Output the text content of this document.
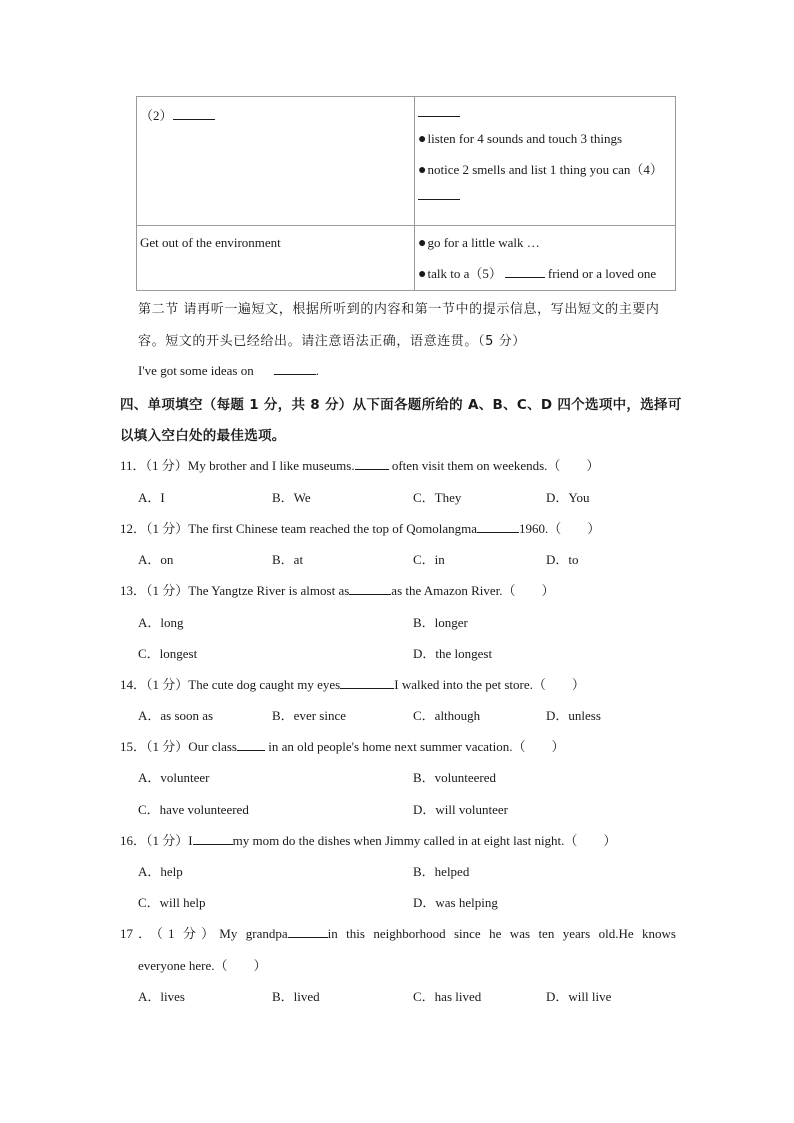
（2）	●listen for 4 sounds and touch 3 things
●notice 2 smells and list 1 thing you can（4）

Get out of the environment	●go for a little walk …
●talk to a（5） friend or a loved one
第二节 请再听一遍短文，根据所听到的内容和第一节中的提示信息，写出短文的主要内
容。短文的开头已经给出。请注意语法正确，语意连贯。（5 分）
I've got some ideas on	.
四、单项填空（每题 1 分，共 8 分）从下面各题所给的 A、B、C、D 四个选项中，选择可
以填入空白处的最佳选项。
11．（1 分）My brother and I like museums.	often visit them on weekends.（　　）
A．I	B．We	C．They	D．You
12．（1 分）The first Chinese team reached the top of Qomolangma	1960.（　　）
A．on	B．at	C．in	D．to
13．（1 分）The Yangtze River is almost as	as the Amazon River.（　　）
A．long	B．longer
C．longest	D．the longest
14．（1 分）The cute dog caught my eyes	I walked into the pet store.（　　）
A．as soon as	B．ever since	C．although	D．unless
15．（1 分）Our class in an old people's home next summer vacation.（　　）
A．volunteer	B．volunteered
C．have volunteered	D．will volunteer
16．（1 分）I	my mom do the dishes when Jimmy called in at eight last night.（　　）
A．help	B．helped
C．will help	D．was helping
17．（1 分）My grandpa	in this neighborhood since he was ten years old.He knows
everyone here.（　　）
A．lives	B．lived	C．has lived	D．will live
